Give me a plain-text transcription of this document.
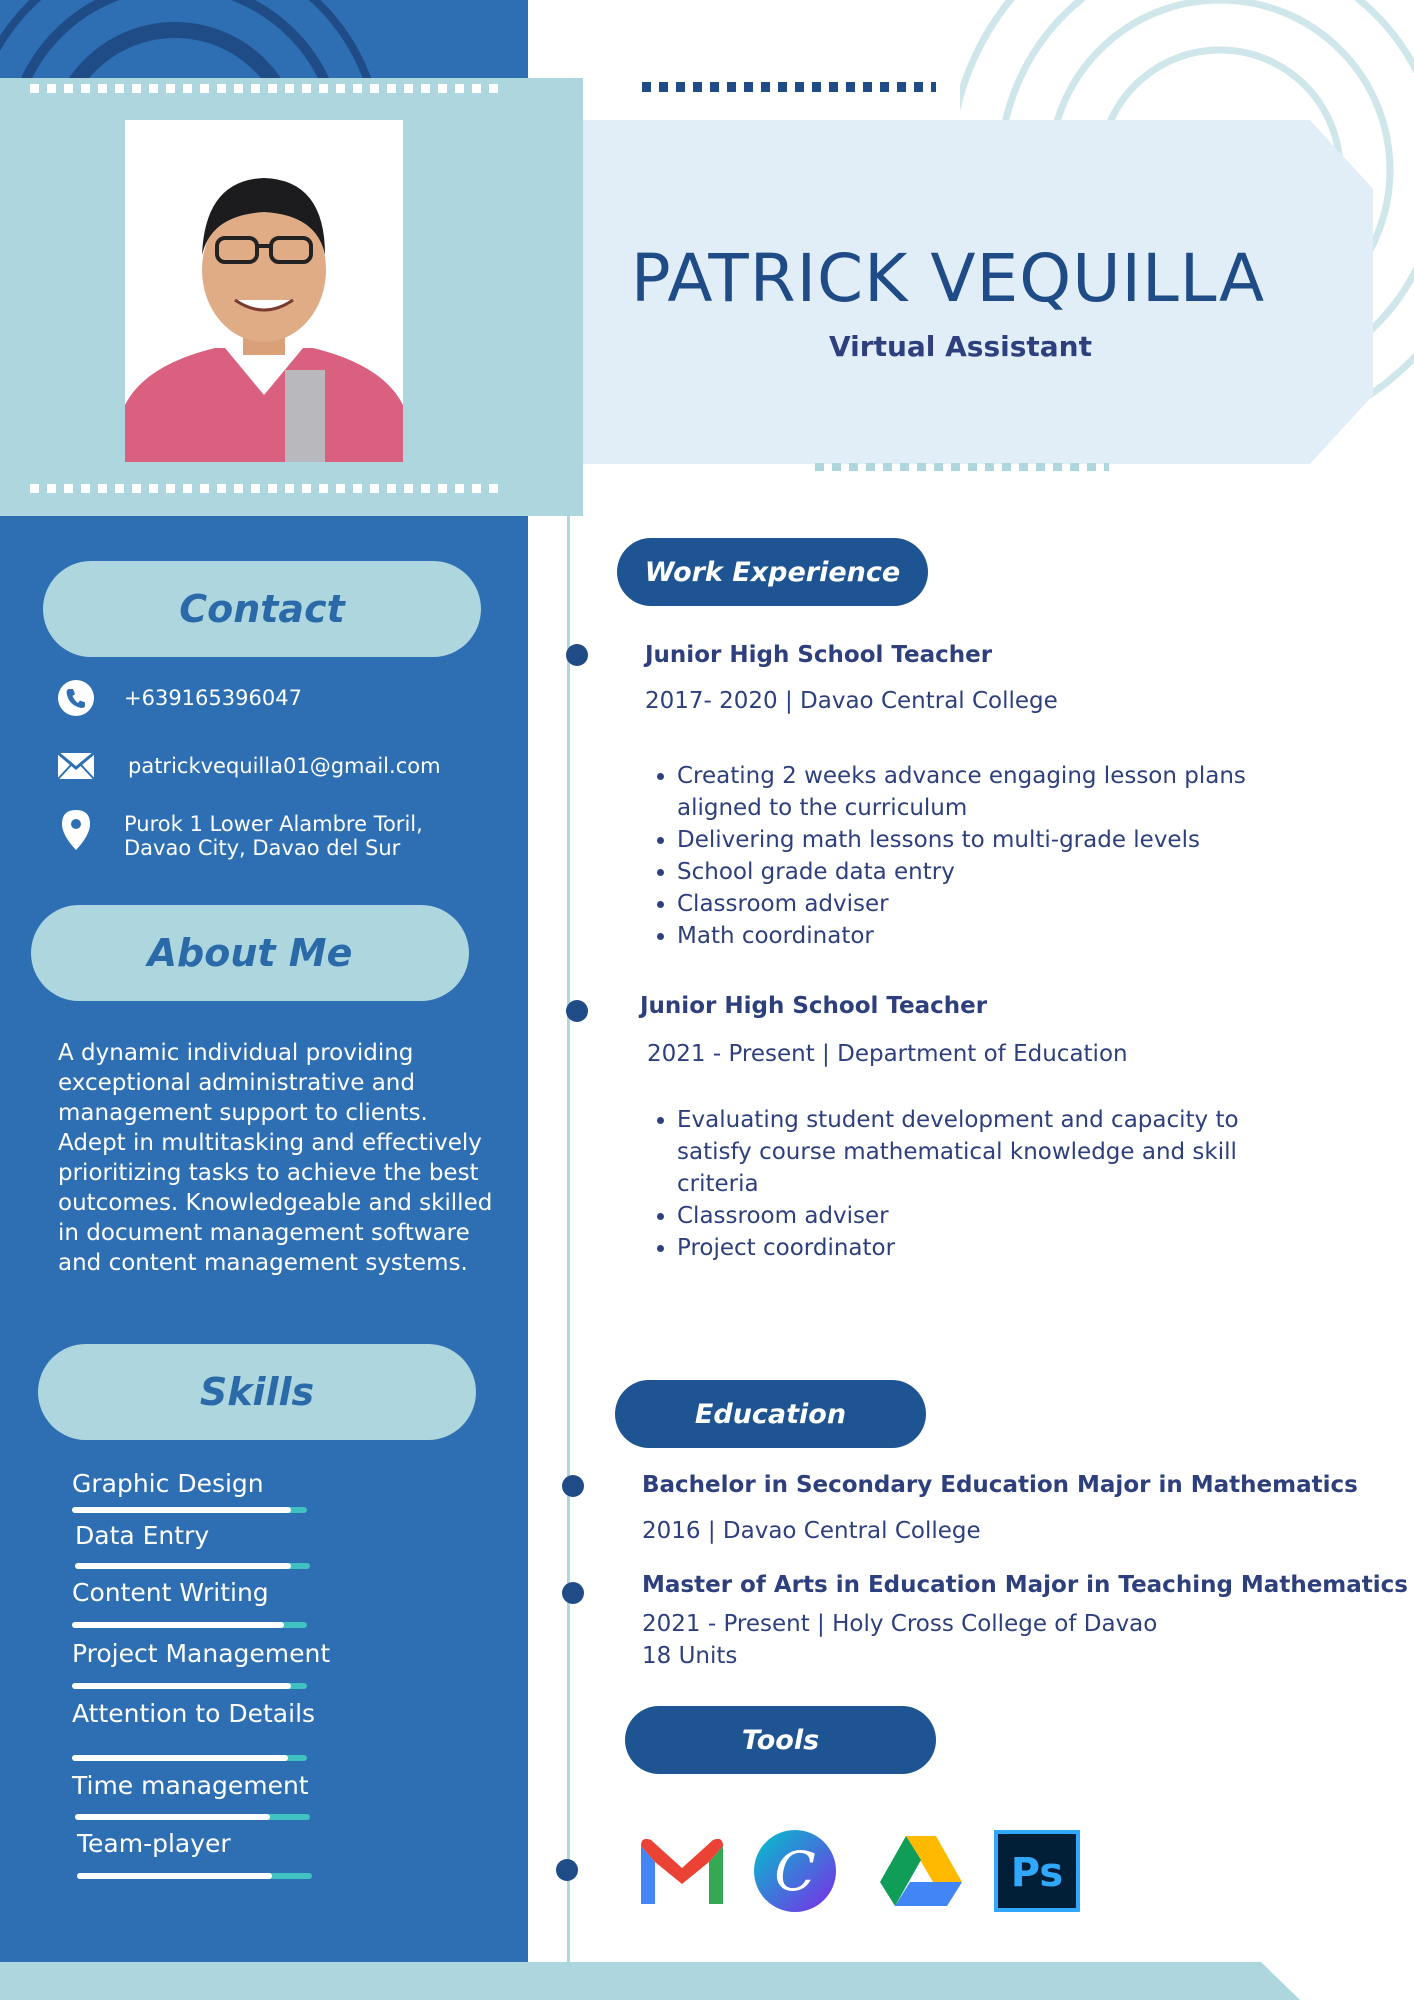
PATRICK VEQUILLA
Virtual Assistant
Contact
+639165396047
patrickvequilla01@gmail.com
Purok 1 Lower Alambre Toril,
Davao City, Davao del Sur
About Me
A dynamic individual providing exceptional administrative and management support to clients. Adept in multitasking and effectively prioritizing tasks to achieve the best outcomes. Knowledgeable and skilled in document management software and content management systems.
Skills
Graphic Design
Data Entry
Content Writing
Project Management
Attention to Details
Time management
Team-player
Work Experience
Junior High School Teacher
2017- 2020 | Davao Central College
• Creating 2 weeks advance engaging lesson plans aligned to the curriculum
• Delivering math lessons to multi-grade levels
• School grade data entry
• Classroom adviser
• Math coordinator
Junior High School Teacher
2021 - Present | Department of Education
• Evaluating student development and capacity to satisfy course mathematical knowledge and skill criteria
• Classroom adviser
• Project coordinator
Education
Bachelor in Secondary Education Major in Mathematics
2016 | Davao Central College
Master of Arts in Education Major in Teaching Mathematics
2021 - Present | Holy Cross College of Davao
18 Units
Tools
C	Ps
